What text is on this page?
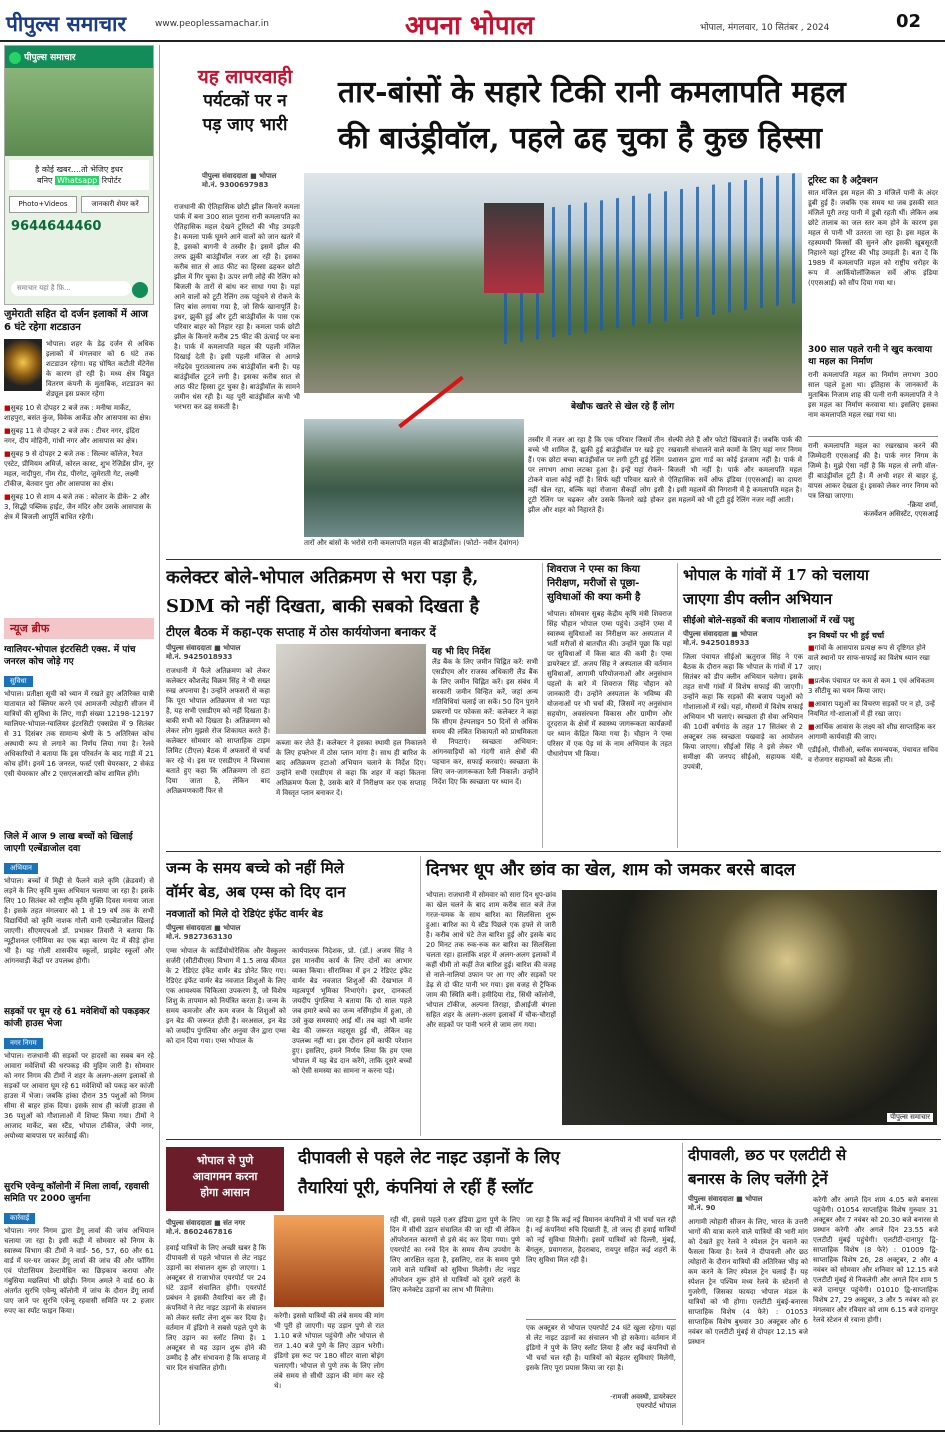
पीपुल्स समाचार	www.peoplessamachar.in	अपना भोपाल	भोपाल, मंगलवार, 10 सितंबर , 2024	02
पीपुल्स समाचार
है कोई खबर....तो भेजिए इधर
बनिए Whatsapp रिपोर्टर
Photo+Videos	जानकारी शेयर करें
9644644460
समाचार यहां है फ़ि...
जुमेराती सहित दो दर्जन इलाकों में आज 6 घंटे रहेगा शटडाउन
भोपाल। शहर के डेढ़ दर्जन से अधिक इलाकों में मंगलवार को 6 घंटे तक शटडाउन रहेगा। यह घोषित कटौती मेंटेनेंस के कारण हो रही है। मध्य क्षेत्र विद्युत वितरण कंपनी के मुताबिक, शटडाउन का शेड्यूल इस प्रकार रहेगा
■ सुबह 10 से दोपहर 2 बजे तक : मनीषा मार्केट, शाहपुरा, बसंत कुंज, विवेक आर्केड और आसपास का क्षेत्र।
■ सुबह 11 से दोपहर 2 बजे तक : टीचर नगर, इंद्रिरा नगर, दीप मोहिनी, गांधी नगर और आसपास का क्षेत्र।
■ सुबह 9 से दोपहर 2 बजे तक : सिल्वर कॉलेज, रैयत एस्टेट, प्रीमियम अमिर्ज, कोरल कास्ट, शुभ रेजिडेंस प्रीन, नूर महल, नादीपुरा, नीम रोड, पीरगेट, जुमेराती गेट, लक्ष्मी टॉकीज, बेतवार पुरा और आसपास का क्षेत्र।
■ सुबह 10 से शाम 4 बजे तक : कोलार के डीके- 2 और 3, सिद्धी पब्लिक हाईट, जैन मंदिर और उसके आसपास के क्षेत्र में बिजली आपूर्ति बाधित रहेगी।
न्यूज ब्रीफ
ग्वालियर-भोपाल इंटरसिटी एक्स. में पांच जनरल कोच जोड़े गए
सुविधा
भोपाल। प्रतीक्षा सूची को ध्यान में रखते हुए अतिरिक्त यात्री यातायात को क्लियर करने एवं आमजनी त्योहारी सीजन में यात्रियों की सुविधा के लिए, गाड़ी संख्या 12198-12197 ग्वालियर-भोपाल-ग्वालियर इंटरसिटी एक्सप्रेस में 9 सितंबर से 31 दिसंबर तक सामान्य श्रेणी के 5 अतिरिक्त कोच अस्थायी रूप से लगाने का निर्णय लिया गया है। रेलवे अधिकारियों ने बताया कि इस परिवर्तन के बाद गाड़ी में 21 कोच होंगे। इनमें 16 जनरल, फर्स्ट एसी चेयरकार, 2 सेकंड एसी चेयरकार और 2 एसएलआरडी कोच शामिल होंगे।
जिले में आज 9 लाख बच्चों को खिलाई जाएगी एल्बेंडाजोल दवा
अभियान
भोपाल। बच्चों में मिट्टी से फैलने वाले कृमि (क्रेडवर्म) से लड़ने के लिए कृमि मुक्त अभियान चलाया जा रहा है। इसके लिए 10 सितंबर को राष्ट्रीय कृमि मुक्ति दिवस मनाया जाता है। इसके तहत मंगलवार को 1 से 19 वर्ष तक के सभी विद्यार्थियों को कृमि नाशक गोली यानी एल्बेंडाजोल खिलाई जाएगी। सीएमएचओ डॉ. प्रभाकर तिवारी ने बताया कि न्यूट्रीशनल एनीमिया का एक बड़ा कारण पेट में कीड़े होना भी है। यह गोली शासकीय स्कूलों, प्राइवेट स्कूलों और आंगनवाड़ी केंद्रों पर उपलब्ध होगी।
सड़कों पर घूम रहे 61 मवेशियों को पकड़कर कांजी हाउस भेजा
नगर निगम
भोपाल। राजधानी की सड़कों पर हादसों का सबब बन रहे आवारा मवेशियों की धरपकड़ की मुहिम जारी है। सोमवार को नगर निगम की टीमों ने शहर के अलग-अलग इलाकों से सड़कों पर आवारा घूम रहे 61 मवेशियों को पकड़ कर कांजी हाउस में भेजा। जबकि हांका दौरान 35 पशुओं को निगम सीमा से बाहर हांक दिया। इसके साथ ही कांजी हाउस से 36 पशुओं को गौशालाओं में शिफ्ट किया गया। टीमों ने आजाद मार्केट, बस स्टैंड, भोपाल टॉकीज, जेपी नगर, अयोध्या बायपास पर कार्रवाई की।
सुरभि एवेन्यू कॉलोनी में मिला लार्वा, रहवासी समिति पर 2000 जुर्माना
कार्रवाई
भोपाल। नगर निगम द्वारा डेंगू लार्वा की जांच अभियान चलाया जा रहा है। इसी कड़ी में सोमवार को निगम के स्वास्थ्य विभाग की टीमों ने वार्ड- 56, 57, 60 और 61 वार्ड में घर-घर जाकर डेंगू लार्वा की जांच की और फॉगिंग एवं पोटासियम डेल्टामेथ्रिन का छिड़काव कराया और गंबुसिया मछलियां भी छोड़ी। निगम अमले ने वार्ड 60 के अंतर्गत सुरभि एवेन्यू कॉलोनी में जांच के दौरान डेंगू लार्वा पाए जाने पर सुरभि एवेन्यू रहवासी समिति पर 2 हजार रुपए का स्पॉट फाइन किया।
यह लापरवाही
पर्यटकों पर न
पड़ जाए भारी
तार-बांसों के सहारे टिकी रानी कमलापति महल
की बाउंड्रीवॉल, पहले ढह चुका है कुछ हिस्सा
पीपुल्स संवाददाता ■ भोपाल
मो.नं. 9300697983
राजधानी की ऐतिहासिक छोटी झील किनारे कमला पार्क में बना 300 साल पुराना रानी कमलापति का ऐतिहासिक महल देखने टूरिस्टों की भीड़ उमड़ती है। कमला पार्क घूमने आने वालों को जान खतरे में है, इसको बागनी ये तस्वीर है। इसमें झील की तरफ झुकी बाउंड्रीवॉल नजर आ रही है। इसका करीब सात से आठ फीट का हिस्सा ढहकर छोटी झील में गिर चुका है। ऊपर लगी लोहे की रेलिंग को बिजली के तारों से बांध कर साधा गया है। यहां आने वालों को टूटी रेलिंग तक पहुंचने से रोकने के लिए बांस लगाया गया है, जो सिर्फ खानापूर्ति है। इधर, झुकी हुई और टूटी बाउंड्रीवॉल के पास एक परिवार बाहर को निहार रहा है। कमला पार्क छोटी झील के किनारे करीब 25 फीट की ऊंचाई पर बना है। पार्क में कमलापति महल की पहली मंजिल दिखाई देती है। इसी पहली मंजिल से आगन्ने नरेंद्रदेव पुरातत्वालय तक बाउंड्रीवॉल बनी है। यह बाउंड्रीवॉल टूटने लगी है। इसका करीब सात से आठ फीट हिस्सा टूट चुका है। बाउंड्रीवॉल के सामने जमीन धंस रही है। यह पूरी बाउंड्रीवॉल कभी भी भरभरा कर ढह सकती है।	बेखौफ खतरे से खेल रहे हैं लोग
तारों और बांसों के भरोसे रानी कमलापति महल की बाउंड्रीवॉल। (फोटो- नवीन देवांगन)
तस्वीर में नजर आ रहा है कि एक परिवार जिसमें तीन बच्चे भी शामिल हैं, झुकी हुई बाउंड्रीवॉल पर खड़े हुए हैं। एक छोटा बच्चा बाउंड्रीवॉल पर लगी टूटी हुई रेलिंग पर लगभग आधा लटका हुआ है। इन्हें यहां रोकने-टोकने वाला कोई नहीं है। सिर्फ यही परिवार खतरे से नहीं खेल रहा, बल्कि यहां रोजाना सैकड़ों लोग इसी टूटी रेलिंग पर चढ़कर और उसके किनारे खड़े होकर झील और शहर को निहारते हैं।
सेल्फी लेते हैं और फोटो खिंचवाते हैं। जबकि पार्क की रखवाली संभालने वाले कामों के लिए यहां नगर निगम प्रशासन द्वारा गार्ड का कोई इंतजाम नहीं है। पार्क में बिजली भी नहीं है। पार्क और कमलापति महल ऐतिहासिक सर्वे ऑफ इंडिया (एएसआई) का दायरा है। इसी महलमें की निगरानी में है कमलापति महल है। इस महलमें को भी टूटी हुई रेलिंग नजर नहीं आती।
टूरिस्ट का है अट्रैक्शन
सात मंजिल इस महल की 3 मंजिलें पानी के अंदर डूबी हुई हैं। जबकि एक समय था जब इसकी सात मंजिलें पूरी तरह पानी में डूबी रहती थीं। लेकिन अब छोटे तालाब का जल स्तर कम होने के कारण इस महल से पानी भी उतरता जा रहा है। इस महल के रहस्यमयी किस्सों की सुनने और इसकी खूबसूरती निहारने यहां टूरिस्ट की भीड़ उमड़ती है। बता दें कि 1989 में कमलापति महल को राष्ट्रीय धरोहर के रूप में आर्कियोलॉजिकल सर्वे ऑफ इंडिया (एएसआई) को सौंप दिया गया था।
300 साल पहले रानी ने खुद करवाया था महल का निर्माण
रानी कमलापति महल का निर्माण लगभग 300 साल पहले हुआ था। इतिहास के जानकारों के मुताबिक निजाम शाह की पत्नी रानी कमलापति ने ने इस महल का निर्माण करवाया था। इसलिए इसका नाम कमलापति महल रखा गया था।
रानी कमलापति महल का रखरखाव करने की जिम्मेदारी एएसआई की है। पार्क नगर निगम के जिम्मे है। मुझे ऐसा नहीं है कि महल से लगी वॉल- ही बाउंड्रीवॉल टूटी है। मैं अभी शहर से बाहर हूं, वापस आकर देखता हूं। इसको लेकर नगर निगम को पत्र लिखा जाएगा।
-क्रिया शर्मा,
कंजर्वेशन असिस्टेंट, एएसआई
कलेक्टर बोले-भोपाल अतिक्रमण से भरा पड़ा है,
SDM को नहीं दिखता, बाकी सबको दिखता है
टीएल बैठक में कहा-एक सप्ताह में ठोस कार्ययोजना बनाकर दें
पीपुल्स संवाददाता ■ भोपाल
मो.नं. 9425018933
राजधानी में फैले अतिक्रमण को लेकर कलेक्टर कौशलेंद्र विक्रम सिंह ने भी सख्त रुख अपनाया है। उन्होंने अफसरों से कहा कि पूरा भोपाल अतिक्रमण से भरा पड़ा है, यह सभी एसडीएम को नहीं दिखता है। बाकी सभी को दिखता है। अतिक्रमण को लेकर लोग मुझसे रोज शिकायत करते हैं। कलेक्टर सोमवार को साप्ताहिक टाइम लिमिट (टीएल) बैठक में अफसरों से चर्चा कर रहे थे। इस पर एसडीएम ने विश्वास बताते हुए कहा कि अतिक्रमण तो हटा दिया जाता है, लेकिन बाद अतिक्रमणकारी फिर से
कब्जा कर लेते हैं। कलेक्टर ने इसका स्थायी हल निकालने के लिए हफ्तेभर में ठोस प्लान मांगा है। साथ ही बारिश के बाद अतिक्रमण हटाओ अभियान चलाने के निर्देश दिए। उन्होंने सभी एसडीएम से कहा कि शहर में कहां कितना अतिक्रमण फैला है, उसके बारे में निरीक्षण कर एक सप्ताह में विस्तृत प्लान बनाकर दें।
यह भी दिए निर्देश
लैंड बैंक के लिए जमीन चिह्नित करें: सभी एसडीएम और राजस्व अधिकारी लैंड बैंक के लिए जमीन चिह्नित करें। इस संबंध में सरकारी जमीन विन्हित करें, जहां अन्य गतिविधियां चलाई जा सकें। 50 दिन पुराने प्रकरणों पर फोकस करें: कलेक्टर ने कहा कि सीएम हेल्पलाइन 50 दिनों से अधिक समय की लंबित शिकायतों को प्राथमिकता से निपटाएं। स्वच्छता अभियान: आंगनवाड़ियों को गंदगी वाले क्षेत्रों की पहचान कर, सफाई करवाएं। स्वच्छता के लिए जन-जागरूकता रैली निकालें। उन्होंने निर्देश दिए कि स्वच्छता पर ध्यान दें।
शिवराज ने एम्स का किया निरीक्षण, मरीजों से पूछा-सुविधाओं की क्या कमी है
भोपाल। सोमवार सुबह केंद्रीय कृषि मंत्री शिवराज सिंह चौहान भोपाल एम्स पहुंचे। उन्होंने एम्स में स्वास्थ्य सुविधाओं का निरीक्षण कर अस्पताल में भर्ती मरीजों से बातचीत की। उन्होंने पूछा कि यहां पर सुविधाओं में किस बात की कमी है। एम्स डायरेक्टर डॉ. अजय सिंह ने अस्पताल की वर्तमान सुविधाओं, आगामी परियोजनाओं और अनुसंधान पहलों के बारे में शिवराज सिंह चौहान को जानकारी दी। उन्होंने अस्पताल के भविष्य की योजनाओं पर भी चर्चा की, जिसमें नए अनुसंधान सहयोग, अवसंरचना विकास और ग्रामीण और दूरदराज के क्षेत्रों में स्वास्थ्य जागरूकता कार्यक्रमों पर ध्यान केंद्रित किया गया है। चौहान ने एम्स परिसर में एक पेड़ मां के नाम अभियान के तहत पौधारोपण भी किया।
भोपाल के गांवों में 17 को चलाया
जाएगा डीप क्लीन अभियान
सीईओ बोले-सड़कों की बजाय गोशालाओं में रखें पशु
पीपुल्स संवाददाता ■ भोपाल
मो.नं. 9425018933
जिला पंचायत सीईओ ऋतुराज सिंह ने एक बैठक के दौरान कहा कि भोपाल के गांवों में 17 सितंबर को डीप क्लीन अभियान चलेगा। इसके तहत सभी गांवों में विशेष सफाई की जाएगी। उन्होंने कहा कि सड़कों की बजाय पशुओं को गोशालाओं में रखें। यहां, मौसमों में विशेष सफाई अभियान भी चलाएं। स्वच्छता ही सेवा अभियान की 10वीं वर्षगांठ के तहत 17 सितंबर से 2 अक्टूबर तक स्वच्छता पखवाड़े का आयोजन किया जाएगा। सीईओ सिंह ने इसे लेकर भी समीक्षा की जनपद सीईओ, सहायक यंत्री, उपयंत्री,
इन विषयों पर भी हुई चर्चा
■ गांवों के आसपास प्रत्यक्ष रूप से दृष्टिगत होने वाले स्थानों पर साफ-सफाई का विशेष ध्यान रखा जाए।
■ प्रत्येक पंचायत पर कम से कम 1 एवं अधिकतम 3 सीटीयू का चयन किया जाए।
■ आवारा पशुओं का विचरण सड़कों पर न हो, उन्हें नियमित गो-शालाओं में ही रखा जाए।
■ आर्थिक आवास के लक्ष्य को शीघ्र साप्ताहिक कर आगामी कार्यवाही की जाए।
एडीईओ, पीसीओ, ब्लॉक समन्वयक, पंचायत सचिव व रोजगार सहायकों को बैठक ली।
जन्म के समय बच्चे को नहीं मिले
वॉर्मर बेड, अब एम्स को दिए दान
नवजातों को मिले दो रेडिएंट इंफेंट वार्मर बेड
पीपुल्स संवाददाता ■ भोपाल
मो.नं. 9827363130
एम्स भोपाल के कार्डियोथोरेसिक और वैस्कुलर सर्जरी (सीटीवीएस) विभाग में 1.5 लाख कीमत के 2 रेडिएंट इंफेंट वार्मर बेड डोनेट किए गए। रेडिएंट इंफेंट वार्मर बेड नवजात शिशुओं के लिए एक आवश्यक चिकित्सा उपकरण है, जो विशेष शिशु के तापमान को नियंत्रित करता है। जन्म के समय कमजोर और कम वजन के शिशुओं को इन बेड की जरूरत होती है। वरअसल, इन बेड को जयदीप पुंगलिया और अनुवा जैन द्वारा एम्स को दान दिया गया। एम्स भोपाल के
कार्यपालक निदेशक, प्रो. (डॉ.) अजय सिंह ने इस मानवीय कार्य के लिए दोनों का आभार व्यक्त किया। सीरामिका में इन 2 रेडिएंट इंफेंट वार्मर बेड नवजात शिशुओं की देखभाल में महत्वपूर्ण भूमिका निभाएंगे। इधर, दानकर्ता जयदीप पुंगलिया ने बताया कि दो साल पहले जब हमारे बच्चे का जन्म नर्सिंगहोम में हुआ, तो उसे कुछ समस्याएं आई थीं। तब वहां भी वार्मर बेड की जरूरत महसूस हुई थी, लेकिन वह उपलब्ध नहीं था। इस दौरान हमें काफी परेशान हुए। इसलिए, हमने निर्णय लिया कि हम एम्स भोपाल में यह बेड दान करेंगे, ताकि दूसरे बच्चों को ऐसी समस्या का सामना न करना पड़े।
दिनभर धूप और छांव का खेल, शाम को जमकर बरसे बादल
भोपाल। राजधानी में सोमवार को सारा दिन धूप-छांव का खेल चलने के बाद शाम करीब सात बजे तेज गरज-चमक के साथ बारिश का सिलसिला शुरू हुआ। बारिश का ये स्टैंड पिछले एक हफ्ते से जारी है। करीब आधे घंटे तेज बारिश हुई और इसके बाद 20 मिनट तक रुक-रुक कर बारिश का सिलसिला चलता रहा। हालांकि शहर में अलग-अलग इलाकों में कहीं धीमी तो कहीं तेज बारिश हुई। बारिश की वजह से नाले-नालियां उफान पर आ गए और सड़कों पर डेढ़ से दो फीट पानी भर गया। इस वजह से ट्रैफिक जाम की स्थिति बनी। हमीदिया रोड, सिंधी कॉलोनी, भोपाल टॉकीज, अल्पना तिराहा, डीआईजी बंगला सहित शहर के अलग-अलग इलाकों में चौक-चौराहों और सड़कों पर पानी भरने से जाम लग गया।
पीपुल्स समाचार
भोपाल से पुणे
आवागमन करना
होगा आसान
दीपावली से पहले लेट नाइट उड़ानों के लिए
तैयारियां पूरी, कंपनियां ले रहीं हैं स्लॉट
पीपुल्स संवाददाता ■ संत नगर
मो.नं. 8602467816
हवाई यात्रियों के लिए अच्छी खबर है कि दीपावली से पहले भोपाल से लेट नाइट उड़ानों का संचालन शुरू हो जाएगा। 1 अक्टूबर से राजाभोज एयरपोर्ट पर 24 घंटे उड़ानें संचालित होंगी। एयरपोर्ट प्रबंधन ने इसकी तैयारियां कर ली हैं। कंपनियों ने लेट नाइट उड़ानों के संचालन को लेकर स्लॉट लेना शुरू कर दिया है। वर्तमान में इंडिगो ने सबसे पहले पुणे के लिए उड़ान का स्लॉट लिया है। 1 अक्टूबर से यह उड़ान शुरू होने की उम्मीद है और संभावना है कि सप्ताह में चार दिन संचालित होगी।
करेगी। इससे यात्रियों की लंबे समय की मांग भी पूरी हो जाएगी। यह उड़ान पुणे से रात 1.10 बजे भोपाल पहुंचेगी और भोपाल से रात 1.40 बजे पुणे के लिए उड़ान भरेगी। इंडिगो इस रूट पर 180 सीटर वाला बोइंग चलाएगी। भोपाल से पुणे तक के लिए लोग लंबे समय से सीधी उड़ान की मांग कर रहे थे।
रही थी, इससे पहले एअर इंडिया द्वारा पुणे के लिए दिन में सीधी उड़ान संचालित की जा रही थी लेकिन ऑपरेशनल कारणों से इसे बंद कर दिया गया। पुणे एयरपोर्ट का रनवे दिन के समय सैन्य उपयोग के लिए आरक्षित रहता है, इसलिए, रात के समय पुणे जाने वाले यात्रियों को सुविधा मिलेगी। लेट नाइट ऑपरेशन शुरू होने से यात्रियों को दूसरे शहरों के लिए कनेक्टेड उड़ानों का लाभ भी मिलेगा।
जा रहा है कि कई नई विमानन कंपनियों ने भी चर्चा चल रही है। नई कंपनियां रुचि दिखाती हैं, तो जल्द ही हवाई यात्रियों को नई सुविधा मिलेगी। इसमें यात्रियों को दिल्ली, मुंबई, बेंगलुरु, प्रयागराज, हैदराबाद, रायपुर सहित कई शहरों के लिए सुविधा मिल रही है।
एक अक्टूबर से भोपाल एयरपोर्ट 24 घंटे खुला रहेगा। यहां से लेट नाइट उड़ानों का संचालन भी हो सकेगा। वर्तमान में इंडिगो ने पुणे के लिए स्लॉट लिया है और कई कंपनियों से भी चर्चा चल रही है। यात्रियों को बेहतर सुविधाएं मिलेंगी, इसके लिए पूरा प्रयास किया जा रहा है।
-रामजी अवस्थी, डायरेक्टर
एयरपोर्ट भोपाल
दीपावली, छठ पर एलटीटी से
बनारस के लिए चलेंगी ट्रेनें
पीपुल्स संवाददाता ■ भोपाल
मो.नं. 90
आगामी त्योहारी सीजन के लिए, भारत के उत्तरी भागों की यात्रा करने वाले यात्रियों की भारी मांग को देखते हुए रेलवे ने स्पेशल ट्रेन चलाने का फैसला किया है। रेलवे ने दीपावली और छठ त्योहारों के दौरान यात्रियों की अतिरिक्त भीड़ को कम करने के लिए स्पेशल ट्रेन चलाई हैं। यह स्पेशल ट्रेन पश्चिम मध्य रेलवे के स्टेशनों से गुजरेगी, जिसका फायदा भोपाल मंडल के यात्रियों को भी होगा। एलटीटी मुंबई-बनारस साप्ताहिक विशेष (4 फेरे) : 01053 साप्ताहिक विशेष बुधवार 30 अक्टूबर और 6 नवंबर को एलटीटी मुंबई से दोपहर 12.15 बजे प्रस्थान
करेगी और अगले दिन शाम 4.05 बजे बनारस पहुंचेगी। 01054 साप्ताहिक विशेष गुरुवार 31 अक्टूबर और 7 नवंबर को 20.30 बजे बनारस से प्रस्थान करेगी और अगले दिन 23.55 बजे एलटीटी मुंबई पहुंचेगी। एलटीटी-दानापुर द्वि-साप्ताहिक विशेष (8 फेरे) : 01009 द्वि-साप्ताहिक विशेष 26, 28 अक्टूबर, 2 और 4 नवंबर को सोमवार और शनिवार को 12.15 बजे एलटीटी मुंबई से निकलेगी और अगले दिन शाम 5 बजे दानापुर पहुंचेगी। 01010 द्वि-साप्ताहिक विशेष 27, 29 अक्टूबर, 3 और 5 नवंबर को हर मंगलवार और रविवार को शाम 6.15 बजे दानापुर रेलवे स्टेशन से रवाना होगी।
